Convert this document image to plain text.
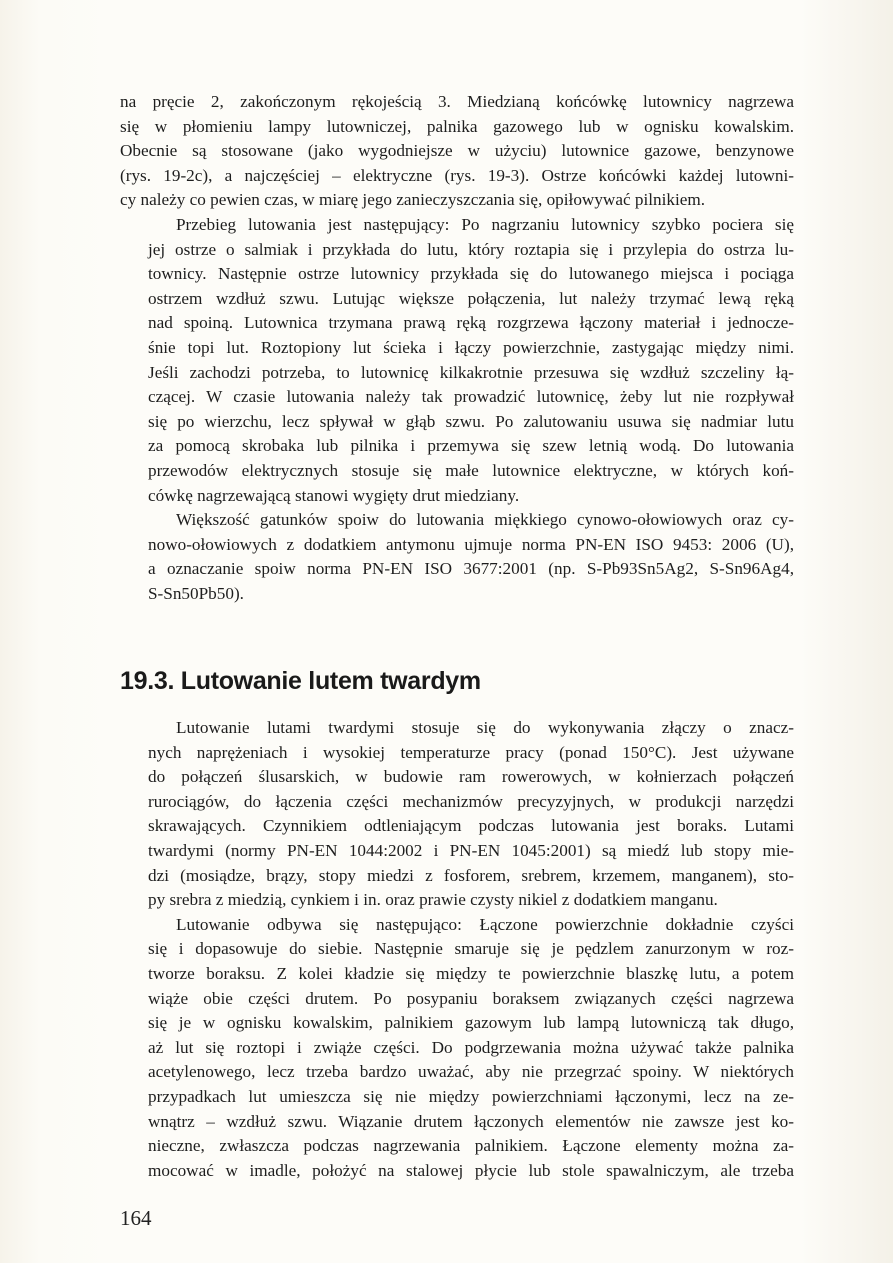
na pręcie 2, zakończonym rękojeścią 3. Miedzianą końcówkę lutownicy nagrzewa
się w płomieniu lampy lutowniczej, palnika gazowego lub w ognisku kowalskim.
Obecnie są stosowane (jako wygodniejsze w użyciu) lutownice gazowe, benzynowe
(rys. 19-2c), a najczęściej – elektryczne (rys. 19-3). Ostrze końcówki każdej lutowni-
cy należy co pewien czas, w miarę jego zanieczyszczania się, opiłowywać pilnikiem.

Przebieg lutowania jest następujący: Po nagrzaniu lutownicy szybko pociera się
jej ostrze o salmiak i przykłada do lutu, który roztapia się i przylepia do ostrza lu-
townicy. Następnie ostrze lutownicy przykłada się do lutowanego miejsca i pociąga
ostrzem wzdłuż szwu. Lutując większe połączenia, lut należy trzymać lewą ręką
nad spoiną. Lutownica trzymana prawą ręką rozgrzewa łączony materiał i jednocze-
śnie topi lut. Roztopiony lut ścieka i łączy powierzchnie, zastygając między nimi.
Jeśli zachodzi potrzeba, to lutownicę kilkakrotnie przesuwa się wzdłuż szczeliny łą-
czącej. W czasie lutowania należy tak prowadzić lutownicę, żeby lut nie rozpływał
się po wierzchu, lecz spływał w głąb szwu. Po zalutowaniu usuwa się nadmiar lutu
za pomocą skrobaka lub pilnika i przemywa się szew letnią wodą. Do lutowania
przewodów elektrycznych stosuje się małe lutownice elektryczne, w których koń-
cówkę nagrzewającą stanowi wygięty drut miedziany.

Większość gatunków spoiw do lutowania miękkiego cynowo-ołowiowych oraz cy-
nowo-ołowiowych z dodatkiem antymonu ujmuje norma PN-EN ISO 9453: 2006 (U),
a oznaczanie spoiw norma PN-EN ISO 3677:2001 (np. S-Pb93Sn5Ag2, S-Sn96Ag4,
S-Sn50Pb50).

19.3. Lutowanie lutem twardym

Lutowanie lutami twardymi stosuje się do wykonywania złączy o znacz-
nych naprężeniach i wysokiej temperaturze pracy (ponad 150°C). Jest używane
do połączeń ślusarskich, w budowie ram rowerowych, w kołnierzach połączeń
rurociągów, do łączenia części mechanizmów precyzyjnych, w produkcji narzędzi
skrawających. Czynnikiem odtleniającym podczas lutowania jest boraks. Lutami
twardymi (normy PN-EN 1044:2002 i PN-EN 1045:2001) są miedź lub stopy mie-
dzi (mosiądze, brązy, stopy miedzi z fosforem, srebrem, krzemem, manganem), sto-
py srebra z miedzią, cynkiem i in. oraz prawie czysty nikiel z dodatkiem manganu.

Lutowanie odbywa się następująco: Łączone powierzchnie dokładnie czyści
się i dopasowuje do siebie. Następnie smaruje się je pędzlem zanurzonym w roz-
tworze boraksu. Z kolei kładzie się między te powierzchnie blaszkę lutu, a potem
wiąże obie części drutem. Po posypaniu boraksem związanych części nagrzewa
się je w ognisku kowalskim, palnikiem gazowym lub lampą lutowniczą tak długo,
aż lut się roztopi i zwiąże części. Do podgrzewania można używać także palnika
acetylenowego, lecz trzeba bardzo uważać, aby nie przegrzać spoiny. W niektórych
przypadkach lut umieszcza się nie między powierzchniami łączonymi, lecz na ze-
wnątrz – wzdłuż szwu. Wiązanie drutem łączonych elementów nie zawsze jest ko-
nieczne, zwłaszcza podczas nagrzewania palnikiem. Łączone elementy można za-
mocować w imadle, położyć na stalowej płycie lub stole spawalniczym, ale trzeba

164
